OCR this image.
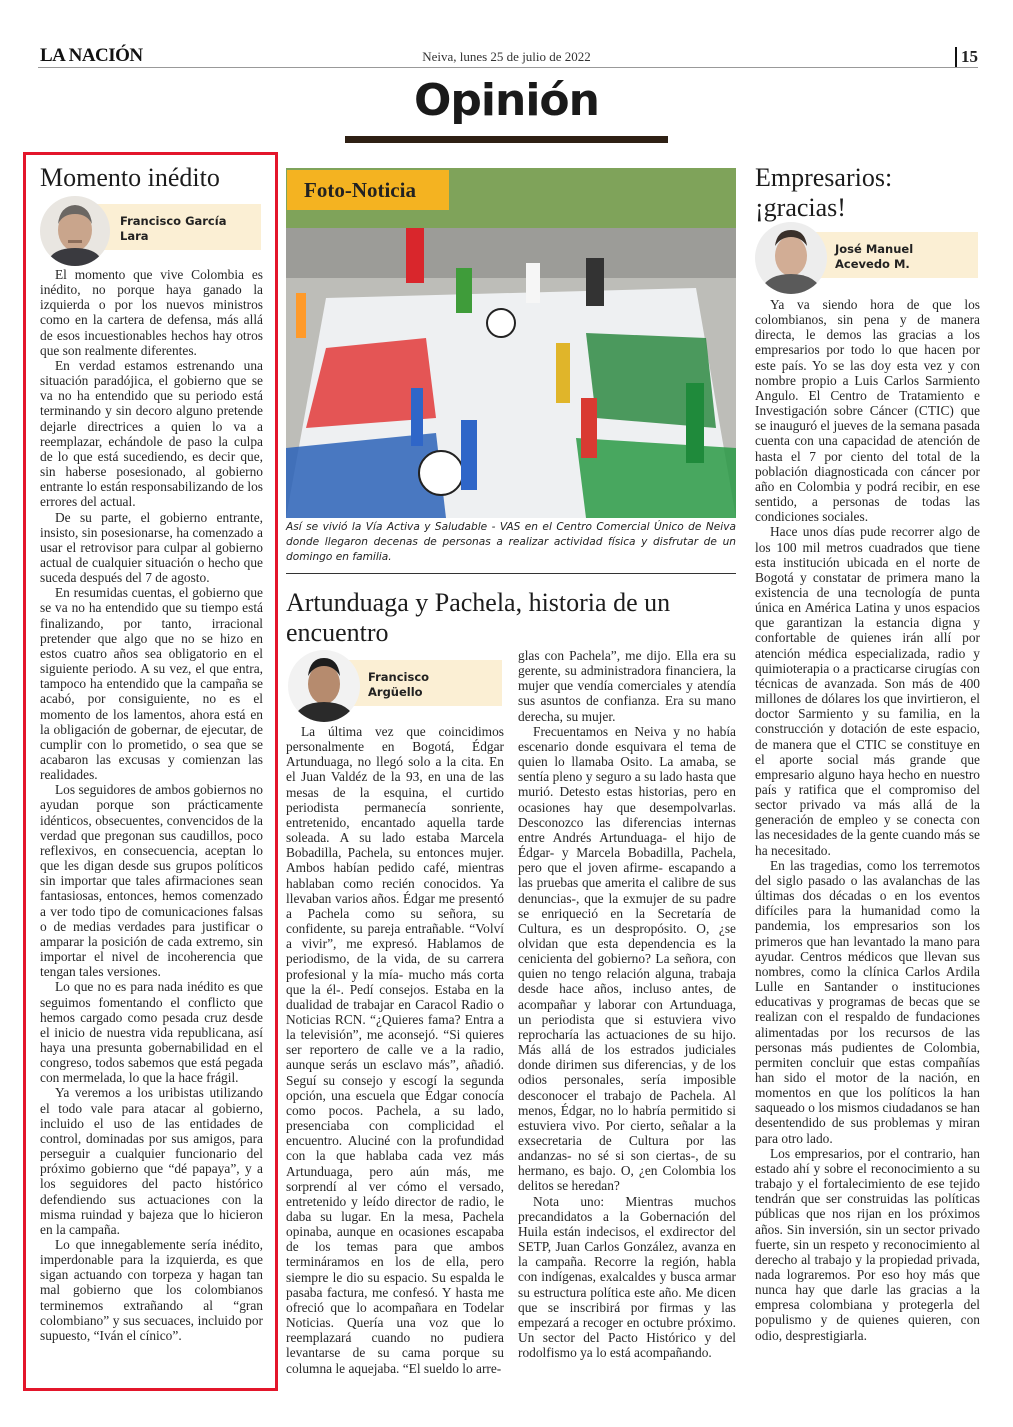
LA NACIÓN	Neiva, lunes 25 de julio de 2022	15
Opinión
Momento inédito
Francisco García
Lara

El momento que vive Colombia es inédito, no porque haya ganado la izquierda o por los nuevos ministros como en la cartera de defensa, más allá de esos incuestionables hechos hay otros que son realmente diferentes.

En verdad estamos estrenando una situación paradójica, el gobierno que se va no ha entendido que su periodo está terminando y sin decoro alguno pretende dejarle directrices a quien lo va a reemplazar, echándole de paso la culpa de lo que está sucediendo, es decir que, sin haberse posesionado, al gobierno entrante lo están responsabilizando de los errores del actual.

De su parte, el gobierno entrante, insisto, sin posesionarse, ha comenzado a usar el retrovisor para culpar al gobierno actual de cualquier situación o hecho que suceda después del 7 de agosto.

En resumidas cuentas, el gobierno que se va no ha entendido que su tiempo está finalizando, por tanto, irracional pretender que algo que no se hizo en estos cuatro años sea obligatorio en el siguiente periodo. A su vez, el que entra, tampoco ha entendido que la campaña se acabó, por consiguiente, no es el momento de los lamentos, ahora está en la obligación de gobernar, de ejecutar, de cumplir con lo prometido, o sea que se acabaron las excusas y comienzan las realidades.

Los seguidores de ambos gobiernos no ayudan porque son prácticamente idénticos, obsecuentes, convencidos de la verdad que pregonan sus caudillos, poco reflexivos, en consecuencia, aceptan lo que les digan desde sus grupos políticos sin importar que tales afirmaciones sean fantasiosas, entonces, hemos comenzado a ver todo tipo de comunicaciones falsas o de medias verdades para justificar o amparar la posición de cada extremo, sin importar el nivel de incoherencia que tengan tales versiones.

Lo que no es para nada inédito es que seguimos fomentando el conflicto que hemos cargado como pesada cruz desde el inicio de nuestra vida republicana, así haya una presunta gobernabilidad en el congreso, todos sabemos que está pegada con mermelada, lo que la hace frágil.

Ya veremos a los uribistas utilizando el todo vale para atacar al gobierno, incluido el uso de las entidades de control, dominadas por sus amigos, para perseguir a cualquier funcionario del próximo gobierno que “dé papaya”, y a los seguidores del pacto histórico defendiendo sus actuaciones con la misma ruindad y bajeza que lo hicieron en la campaña.

Lo que innegablemente sería inédito, imperdonable para la izquierda, es que sigan actuando con torpeza y hagan tan mal gobierno que los colombianos terminemos extrañando al “gran colombiano” y sus secuaces, incluido por supuesto, “Iván el cínico”.

Foto-Noticia
Así se vivió la Vía Activa y Saludable - VAS en el Centro Comercial Único de Neiva donde llegaron decenas de personas a realizar actividad física y disfrutar de un domingo en familia.
Artunduaga y Pachela, historia de un encuentro
Francisco
Argüello

La última vez que coincidimos personalmente en Bogotá, Édgar Artunduaga, no llegó solo a la cita. En el Juan Valdéz de la 93, en una de las mesas de la esquina, el curtido periodista permanecía sonriente, entretenido, encantado aquella tarde soleada. A su lado estaba Marcela Bobadilla, Pachela, su entonces mujer. Ambos habían pedido café, mientras hablaban como recién conocidos. Ya llevaban varios años. Édgar me presentó a Pachela como su señora, su confidente, su pareja entrañable. “Volví a vivir”, me expresó. Hablamos de periodismo, de la vida, de su carrera profesional y la mía- mucho más corta que la él-. Pedí consejos. Estaba en la dualidad de trabajar en Caracol Radio o Noticias RCN. “¿Quieres fama? Entra a la televisión”, me aconsejó. “Si quieres ser reportero de calle ve a la radio, aunque serás un esclavo más”, añadió. Seguí su consejo y escogí la segunda opción, una escuela que Édgar conocía como pocos. Pachela, a su lado, presenciaba con complicidad el encuentro. Aluciné con la profundidad con la que hablaba cada vez más Artunduaga, pero aún más, me sorprendí al ver cómo el versado, entretenido y leído director de radio, le daba su lugar. En la mesa, Pachela opinaba, aunque en ocasiones escapaba de los temas para que ambos termináramos en los de ella, pero siempre le dio su espacio. Su espalda le pasaba factura, me confesó. Y hasta me ofreció que lo acompañara en Todelar Noticias. Quería una voz que lo reemplazará cuando no pudiera levantarse de su cama porque su columna le aquejaba. “El sueldo lo arre-

glas con Pachela”, me dijo. Ella era su gerente, su administradora financiera, la mujer que vendía comerciales y atendía sus asuntos de confianza. Era su mano derecha, su mujer.

Frecuentamos en Neiva y no había escenario donde esquivara el tema de quien lo llamaba Osito. La amaba, se sentía pleno y seguro a su lado hasta que murió. Detesto estas historias, pero en ocasiones hay que desempolvarlas. Desconozco las diferencias internas entre Andrés Artunduaga- el hijo de Édgar- y Marcela Bobadilla, Pachela, pero que el joven afirme- escapando a las pruebas que amerita el calibre de sus denuncias-, que la exmujer de su padre se enriqueció en la Secretaría de Cultura, es un despropósito. O, ¿se olvidan que esta dependencia es la cenicienta del gobierno? La señora, con quien no tengo relación alguna, trabaja desde hace años, incluso antes, de acompañar y laborar con Artunduaga, un periodista que si estuviera vivo reprocharía las actuaciones de su hijo. Más allá de los estrados judiciales donde dirimen sus diferencias, y de los odios personales, sería imposible desconocer el trabajo de Pachela. Al menos, Édgar, no lo habría permitido si estuviera vivo. Por cierto, señalar a la exsecretaria de Cultura por las andanzas- no sé si son ciertas-, de su hermano, es bajo. O, ¿en Colombia los delitos se heredan?

Nota uno: Mientras muchos precandidatos a la Gobernación del Huila están indecisos, el exdirector del SETP, Juan Carlos González, avanza en la campaña. Recorre la región, habla con indígenas, exalcaldes y busca armar su estructura política este año. Me dicen que se inscribirá por firmas y las empezará a recoger en octubre próximo. Un sector del Pacto Histórico y del rodolfismo ya lo está acompañando.

Empresarios: ¡gracias!
José Manuel
Acevedo M.

Ya va siendo hora de que los colombianos, sin pena y de manera directa, le demos las gracias a los empresarios por todo lo que hacen por este país. Yo se las doy esta vez y con nombre propio a Luis Carlos Sarmiento Angulo. El Centro de Tratamiento e Investigación sobre Cáncer (CTIC) que se inauguró el jueves de la semana pasada cuenta con una capacidad de atención de hasta el 7 por ciento del total de la población diagnosticada con cáncer por año en Colombia y podrá recibir, en ese sentido, a personas de todas las condiciones sociales.

Hace unos días pude recorrer algo de los 100 mil metros cuadrados que tiene esta institución ubicada en el norte de Bogotá y constatar de primera mano la existencia de una tecnología de punta única en América Latina y unos espacios que garantizan la estancia digna y confortable de quienes irán allí por atención médica especializada, radio y quimioterapia o a practicarse cirugías con técnicas de avanzada. Son más de 400 millones de dólares los que invirtieron, el doctor Sarmiento y su familia, en la construcción y dotación de este espacio, de manera que el CTIC se constituye en el aporte social más grande que empresario alguno haya hecho en nuestro país y ratifica que el compromiso del sector privado va más allá de la generación de empleo y se conecta con las necesidades de la gente cuando más se ha necesitado.

En las tragedias, como los terremotos del siglo pasado o las avalanchas de las últimas dos décadas o en los eventos difíciles para la humanidad como la pandemia, los empresarios son los primeros que han levantado la mano para ayudar. Centros médicos que llevan sus nombres, como la clínica Carlos Ardila Lulle en Santander o instituciones educativas y programas de becas que se realizan con el respaldo de fundaciones alimentadas por los recursos de las personas más pudientes de Colombia, permiten concluir que estas compañías han sido el motor de la nación, en momentos en que los políticos la han saqueado o los mismos ciudadanos se han desentendido de sus problemas y miran para otro lado.

Los empresarios, por el contrario, han estado ahí y sobre el reconocimiento a su trabajo y el fortalecimiento de ese tejido tendrán que ser construidas las políticas públicas que nos rijan en los próximos años. Sin inversión, sin un sector privado fuerte, sin un respeto y reconocimiento al derecho al trabajo y la propiedad privada, nada lograremos. Por eso hoy más que nunca hay que darle las gracias a la empresa colombiana y protegerla del populismo y de quienes quieren, con odio, desprestigiarla.
